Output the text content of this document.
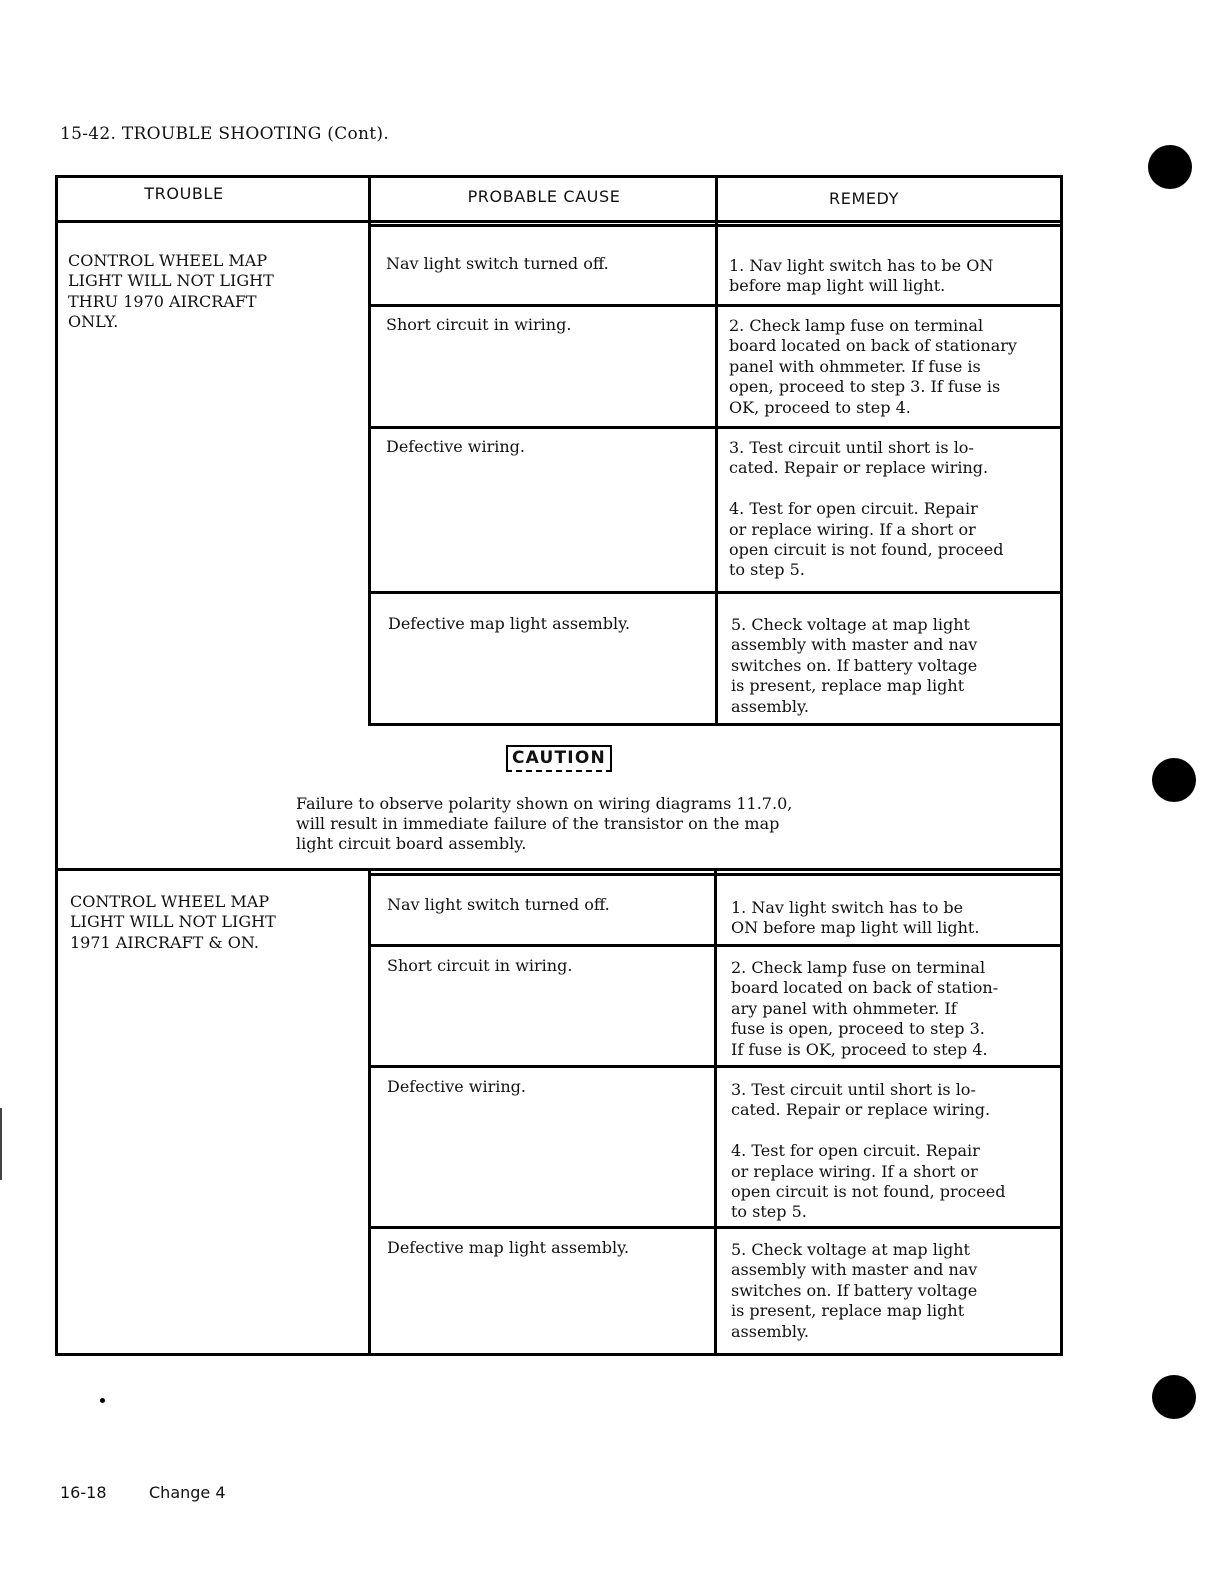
15-42. TROUBLE SHOOTING (Cont).
TROUBLE	PROBABLE CAUSE	REMEDY
CONTROL WHEEL MAP
LIGHT WILL NOT LIGHT
THRU 1970 AIRCRAFT
ONLY.
Nav light switch turned off.	1. Nav light switch has to be ON
before map light will light.
Short circuit in wiring.	2. Check lamp fuse on terminal
board located on back of stationary
panel with ohmmeter. If fuse is
open, proceed to step 3. If fuse is
OK, proceed to step 4.
Defective wiring.	3. Test circuit until short is lo-
cated. Repair or replace wiring.

4. Test for open circuit. Repair
or replace wiring. If a short or
open circuit is not found, proceed
to step 5.
Defective map light assembly.	5. Check voltage at map light
assembly with master and nav
switches on. If battery voltage
is present, replace map light
assembly.
CAUTION
Failure to observe polarity shown on wiring diagrams 11.7.0,
will result in immediate failure of the transistor on the map
light circuit board assembly.
CONTROL WHEEL MAP
LIGHT WILL NOT LIGHT
1971 AIRCRAFT & ON.
Nav light switch turned off.	1. Nav light switch has to be
ON before map light will light.
Short circuit in wiring.	2. Check lamp fuse on terminal
board located on back of station-
ary panel with ohmmeter. If
fuse is open, proceed to step 3.
If fuse is OK, proceed to step 4.
Defective wiring.	3. Test circuit until short is lo-
cated. Repair or replace wiring.

4. Test for open circuit. Repair
or replace wiring. If a short or
open circuit is not found, proceed
to step 5.
Defective map light assembly.	5. Check voltage at map light
assembly with master and nav
switches on. If battery voltage
is present, replace map light
assembly.
16-18	Change 4
